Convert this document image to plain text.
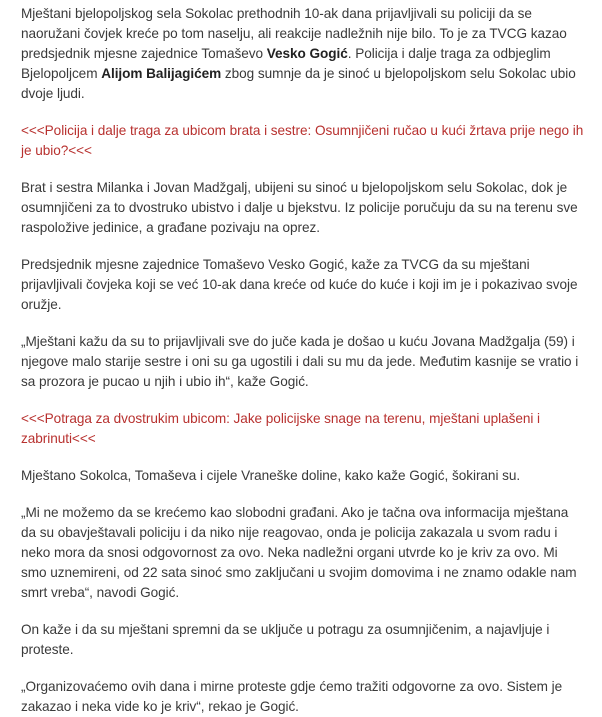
Mještani bjelopoljskog sela Sokolac prethodnih 10-ak dana prijavljivali su policiji da se naoružani čovjek kreće po tom naselju, ali reakcije nadležnih nije bilo. To je za TVCG kazao predsjednik mjesne zajednice Tomaševo Vesko Gogić. Policija i dalje traga za odbjeglim Bjelopoljcem Alijom Balijagićem zbog sumnje da je sinoć u bjelopoljskom selu Sokolac ubio dvoje ljudi.

<<<Policija i dalje traga za ubicom brata i sestre: Osumnjičeni ručao u kući žrtava prije nego ih je ubio?<<<

Brat i sestra Milanka i Jovan Madžgalj, ubijeni su sinoć u bjelopoljskom selu Sokolac, dok je osumnjičeni za to dvostruko ubistvo i dalje u bjekstvu. Iz policije poručuju da su na terenu sve raspoložive jedinice, a građane pozivaju na oprez.

Predsjednik mjesne zajednice Tomaševo Vesko Gogić, kaže za TVCG da su mještani prijavljivali čovjeka koji se već 10-ak dana kreće od kuće do kuće i koji im je i pokazivao svoje oružje.

„Mještani kažu da su to prijavljivali sve do juče kada je došao u kuću Jovana Madžgalja (59) i njegove malo starije sestre i oni su ga ugostili i dali su mu da jede. Međutim kasnije se vratio i sa prozora je pucao u njih i ubio ih“, kaže Gogić.

<<<Potraga za dvostrukim ubicom: Jake policijske snage na terenu, mještani uplašeni i zabrinuti<<<

Mještano Sokolca, Tomaševa i cijele Vraneške doline, kako kaže Gogić, šokirani su.

„Mi ne možemo da se krećemo kao slobodni građani. Ako je tačna ova informacija mještana da su obavještavali policiju i da niko nije reagovao, onda je policija zakazala u svom radu i neko mora da snosi odgovornost za ovo. Neka nadležni organi utvrde ko je kriv za ovo. Mi smo uznemireni, od 22 sata sinoć smo zaključani u svojim domovima i ne znamo odakle nam smrt vreba“, navodi Gogić.

On kaže i da su mještani spremni da se uključe u potragu za osumnjičenim, a najavljuje i proteste.

„Organizovaćemo ovih dana i mirne proteste gdje ćemo tražiti odgovorne za ovo. Sistem je zakazao i neka vide ko je kriv“, rekao je Gogić.
